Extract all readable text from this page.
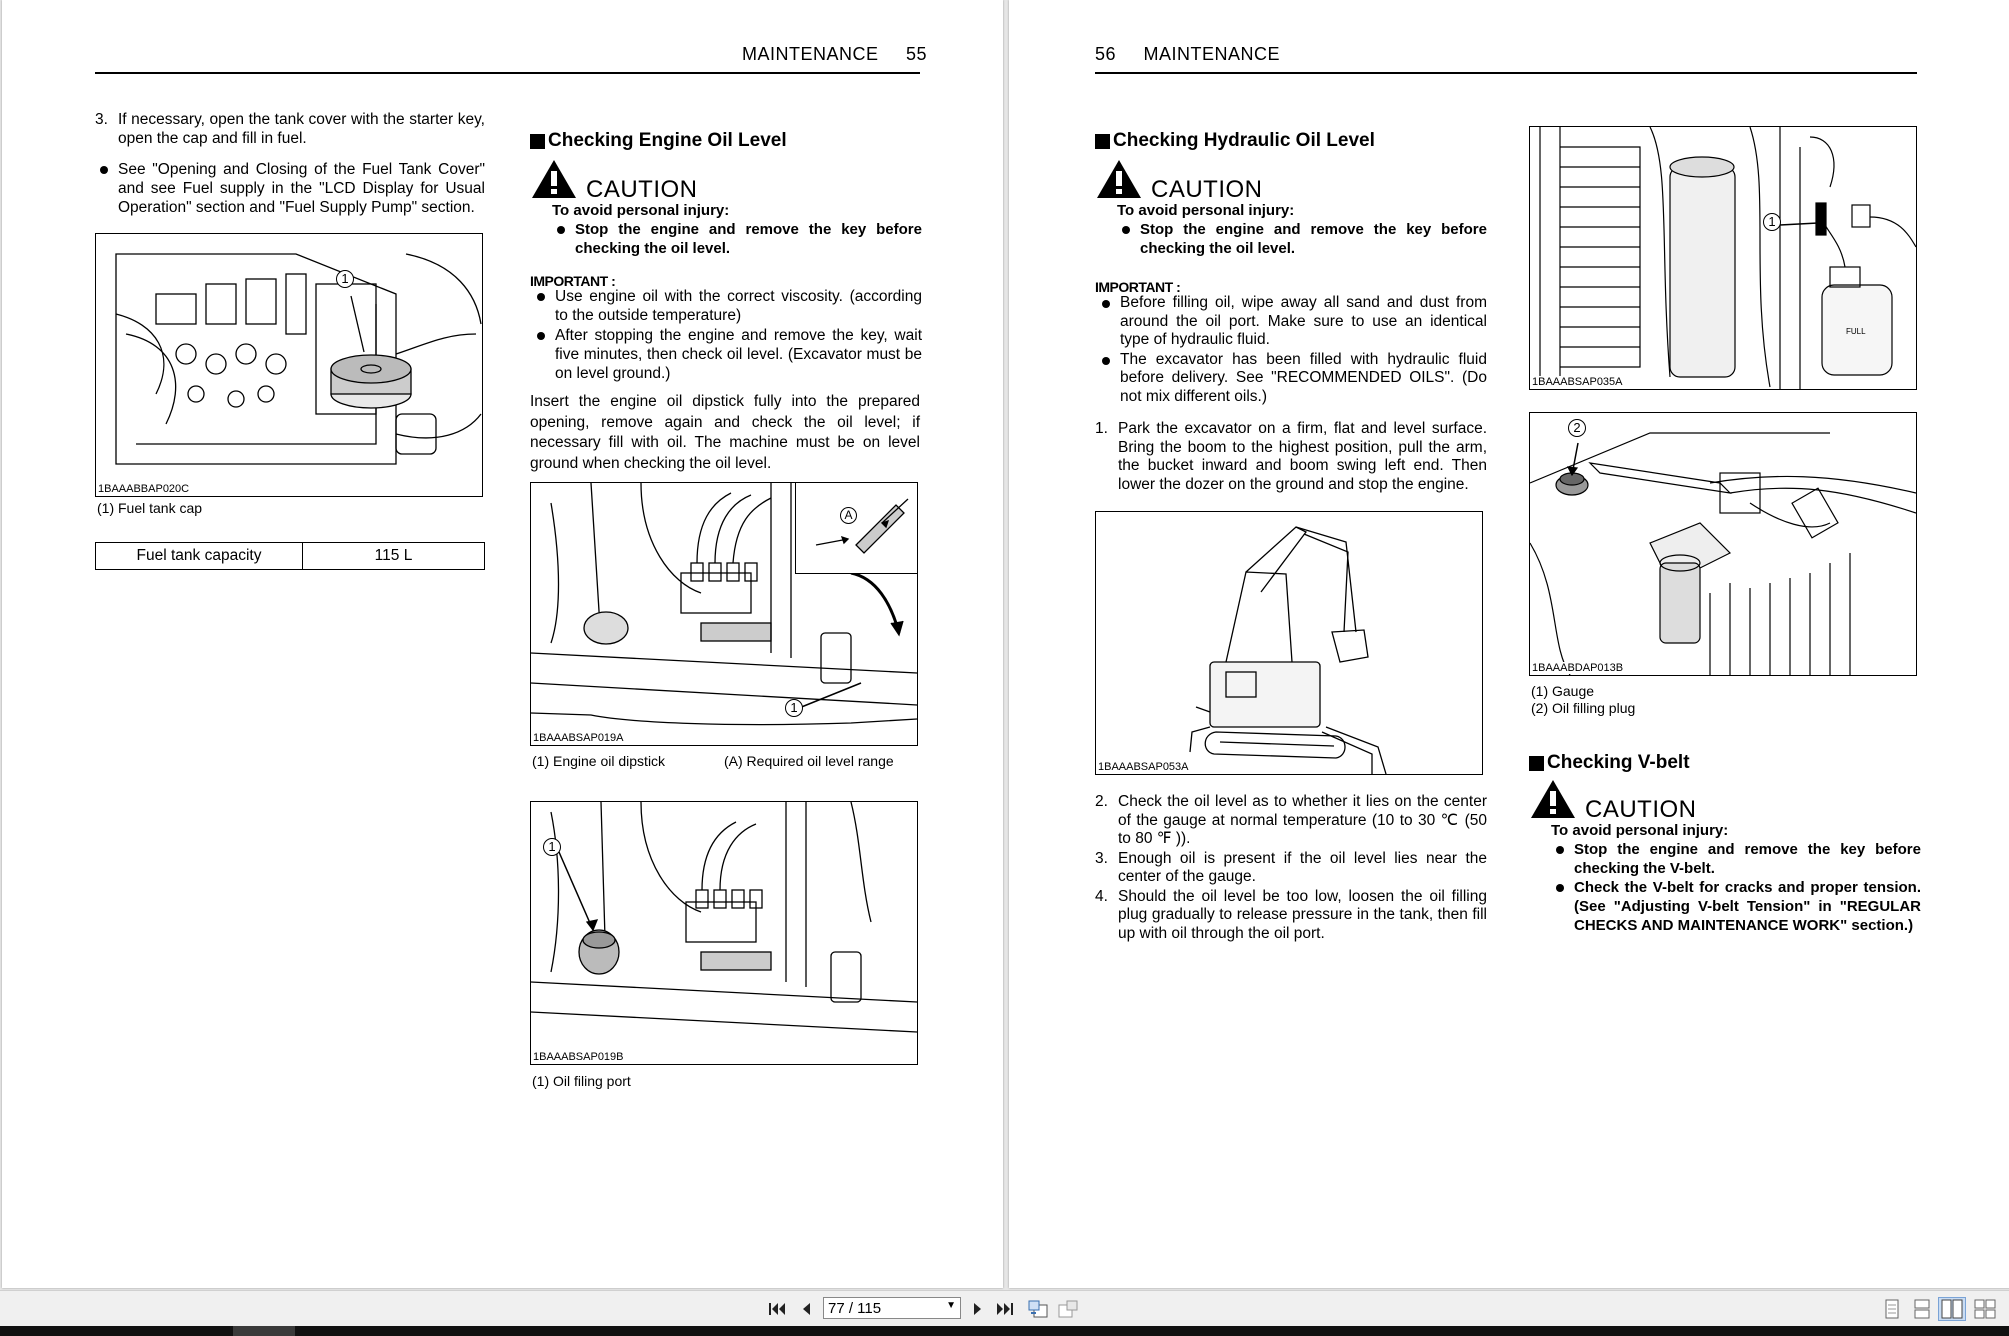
MAINTENANCE 55
3. If necessary, open the tank cover with the starter key, open the cap and fill in fuel.
See "Opening and Closing of the Fuel Tank Cover" and see Fuel supply in the "LCD Display for Usual Operation" section and "Fuel Supply Pump" section.
1
1BAAABBAP020C
(1) Fuel tank cap
Fuel tank capacity	115 L
Checking Engine Oil Level
CAUTION
To avoid personal injury:
Stop the engine and remove the key before checking the oil level.
IMPORTANT :
Use engine oil with the correct viscosity. (according to the outside temperature)
After stopping the engine and remove the key, wait five minutes, then check oil level. (Excavator must be on level ground.)
Insert the engine oil dipstick fully into the prepared opening, remove again and check the oil level; if necessary fill with oil. The machine must be on level ground when checking the oil level.
A
1
1BAAABSAP019A
(1) Engine oil dipstick	(A) Required oil level range
1
1BAAABSAP019B
(1) Oil filing port
56 MAINTENANCE
Checking Hydraulic Oil Level
CAUTION
To avoid personal injury:
Stop the engine and remove the key before checking the oil level.
IMPORTANT :
Before filling oil, wipe away all sand and dust from around the oil port. Make sure to use an identical type of hydraulic fluid.
The excavator has been filled with hydraulic fluid before delivery. See "RECOMMENDED OILS". (Do not mix different oils.)
1. Park the excavator on a firm, flat and level surface. Bring the boom to the highest position, pull the arm, the bucket inward and boom swing left end. Then lower the dozer on the ground and stop the engine.
1BAAABSAP053A
2. Check the oil level as to whether it lies on the center of the gauge at normal temperature (10 to 30 ℃ (50 to 80 ℉ )).
3. Enough oil is present if the oil level lies near the center of the gauge.
4. Should the oil level be too low, loosen the oil filling plug gradually to release pressure in the tank, then fill up with oil through the oil port.
1
FULL
1BAAABSAP035A
2
1BAAABDAP013B
(1) Gauge
(2) Oil filling plug
Checking V-belt
CAUTION
To avoid personal injury:
Stop the engine and remove the key before checking the V-belt.
Check the V-belt for cracks and proper tension. (See "Adjusting V-belt Tension" in "REGULAR CHECKS AND MAINTENANCE WORK" section.)
77 / 115	▼
